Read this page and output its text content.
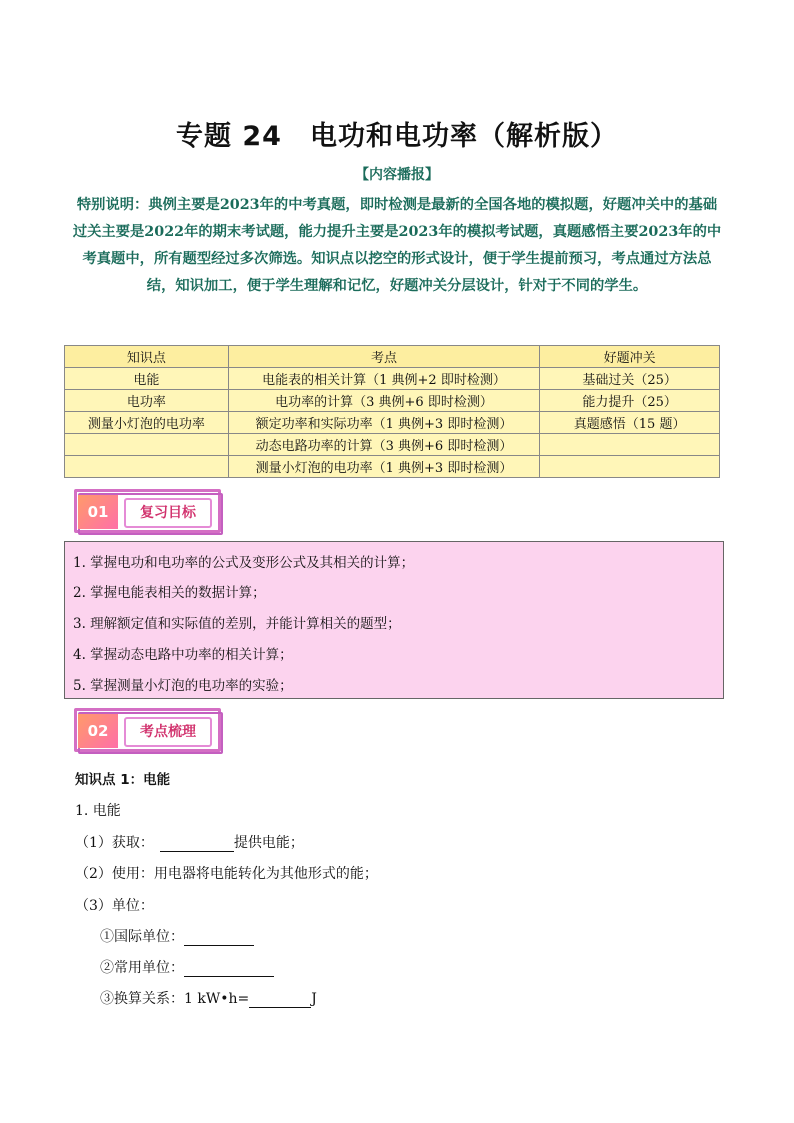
专题 24　电功和电功率（解析版）
【内容播报】
特别说明：典例主要是2023年的中考真题，即时检测是最新的全国各地的模拟题，好题冲关中的基础过关主要是2022年的期末考试题，能力提升主要是2023年的模拟考试题，真题感悟主要2023年的中考真题中，所有题型经过多次筛选。知识点以挖空的形式设计，便于学生提前预习，考点通过方法总结，知识加工，便于学生理解和记忆，好题冲关分层设计，针对于不同的学生。
知识点	考点	好题冲关
电能	电能表的相关计算（1 典例+2 即时检测）	基础过关（25）
电功率	电功率的计算（3 典例+6 即时检测）	能力提升（25）
测量小灯泡的电功率	额定功率和实际功率（1 典例+3 即时检测）	真题感悟（15 题）
	动态电路功率的计算（3 典例+6 即时检测）	
	测量小灯泡的电功率（1 典例+3 即时检测）	
01	复习目标
1. 掌握电功和电功率的公式及变形公式及其相关的计算；
2. 掌握电能表相关的数据计算；
3. 理解额定值和实际值的差别，并能计算相关的题型；
4. 掌握动态电路中功率的相关计算；
5. 掌握测量小灯泡的电功率的实验；
02	考点梳理
知识点 1：电能
1. 电能
（1）获取：	提供电能；
（2）使用：用电器将电能转化为其他形式的能；
（3）单位：
①国际单位：
②常用单位：
③换算关系：1 kW•h=	J
